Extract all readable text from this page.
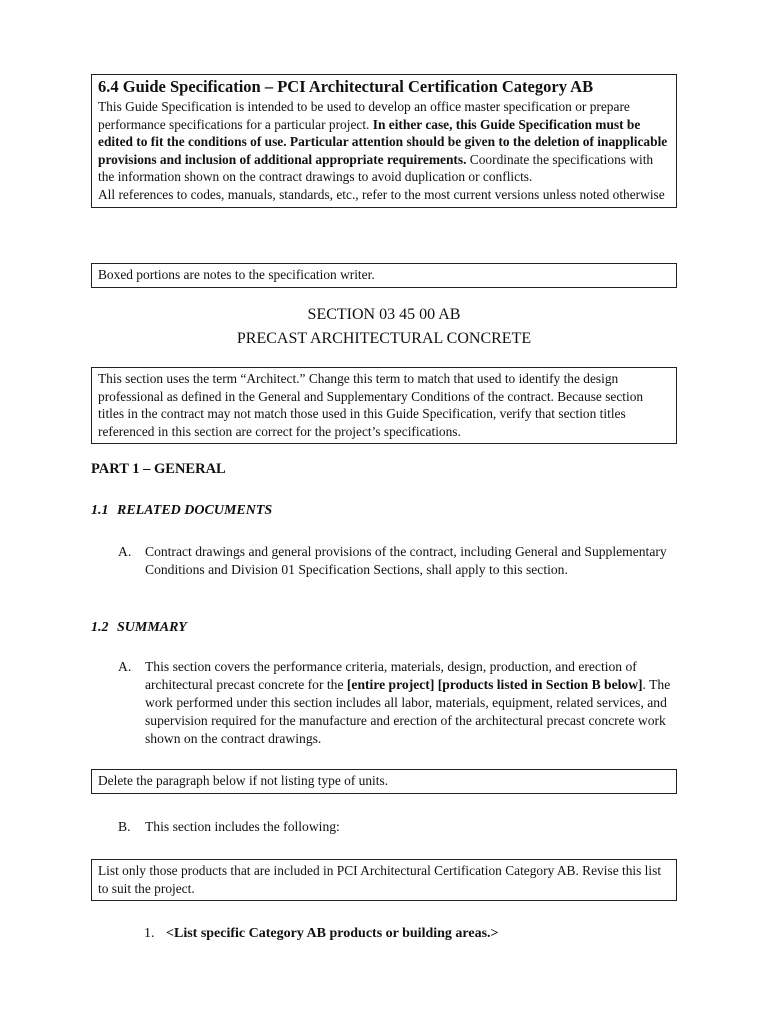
6.4 Guide Specification – PCI Architectural Certification Category AB
This Guide Specification is intended to be used to develop an office master specification or prepare performance specifications for a particular project. In either case, this Guide Specification must be edited to fit the conditions of use. Particular attention should be given to the deletion of inapplicable provisions and inclusion of additional appropriate requirements. Coordinate the specifications with the information shown on the contract drawings to avoid duplication or conflicts.
All references to codes, manuals, standards, etc., refer to the most current versions unless noted otherwise
Boxed portions are notes to the specification writer.
SECTION 03 45 00 AB
PRECAST ARCHITECTURAL CONCRETE
This section uses the term “Architect.” Change this term to match that used to identify the design professional as defined in the General and Supplementary Conditions of the contract. Because section titles in the contract may not match those used in this Guide Specification, verify that section titles referenced in this section are correct for the project’s specifications.
PART 1 – GENERAL
1.1 RELATED DOCUMENTS
A. Contract drawings and general provisions of the contract, including General and Supplementary Conditions and Division 01 Specification Sections, shall apply to this section.
1.2 SUMMARY
A. This section covers the performance criteria, materials, design, production, and erection of architectural precast concrete for the [entire project] [products listed in Section B below]. The work performed under this section includes all labor, materials, equipment, related services, and supervision required for the manufacture and erection of the architectural precast concrete work shown on the contract drawings.
Delete the paragraph below if not listing type of units.
B. This section includes the following:
List only those products that are included in PCI Architectural Certification Category AB. Revise this list to suit the project.
1. <List specific Category AB products or building areas.>
